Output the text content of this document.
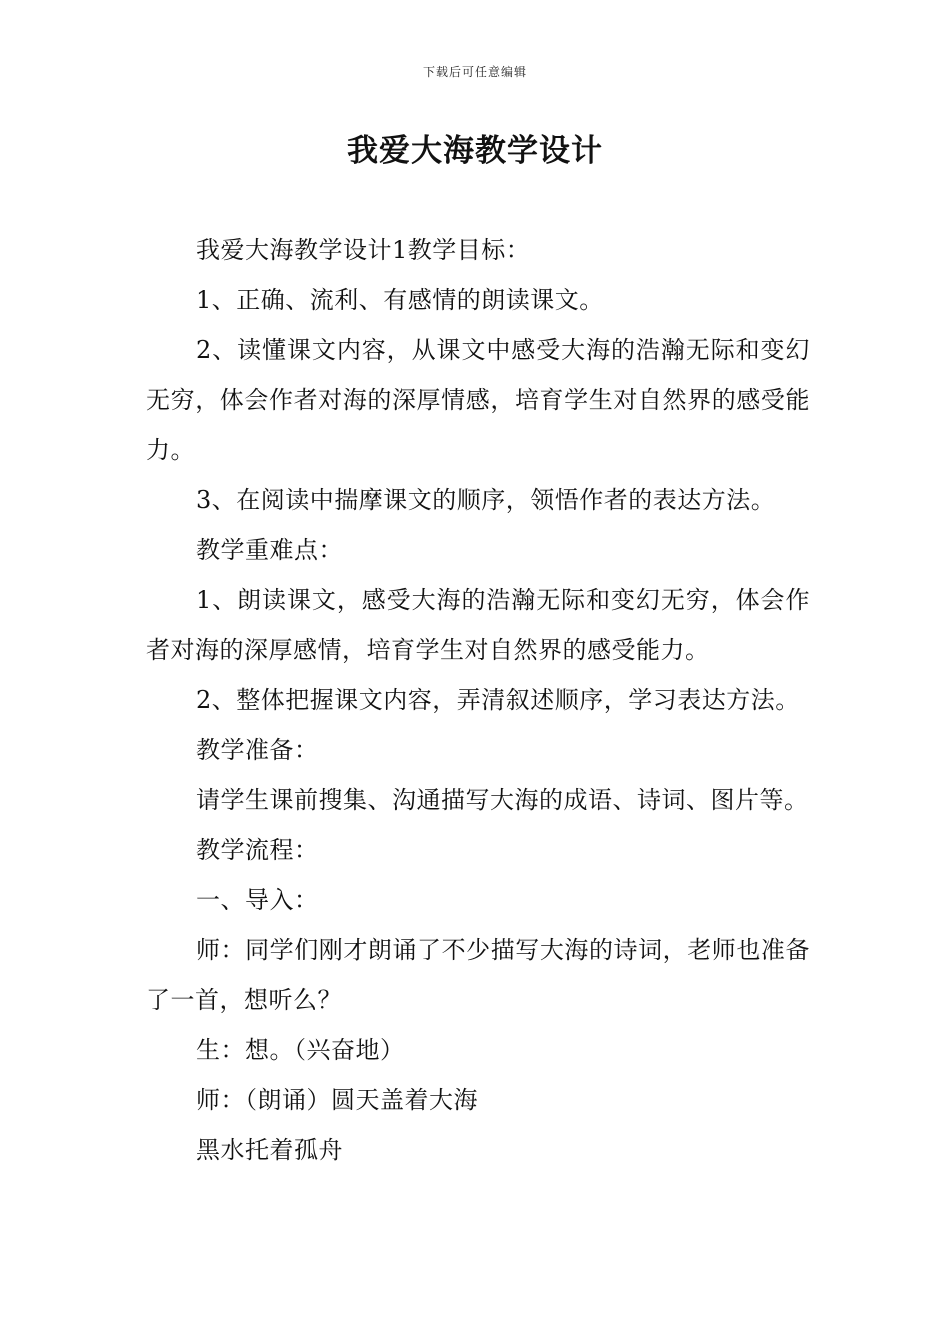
下载后可任意编辑
我爱大海教学设计

我爱大海教学设计1教学目标：

1、正确、流利、有感情的朗读课文。

2、读懂课文内容，从课文中感受大海的浩瀚无际和变幻无穷，体会作者对海的深厚情感，培育学生对自然界的感受能力。

3、在阅读中揣摩课文的顺序，领悟作者的表达方法。

教学重难点：

1、朗读课文，感受大海的浩瀚无际和变幻无穷，体会作者对海的深厚感情，培育学生对自然界的感受能力。

2、整体把握课文内容，弄清叙述顺序，学习表达方法。

教学准备：

请学生课前搜集、沟通描写大海的成语、诗词、图片等。

教学流程：

一、导入：

师：同学们刚才朗诵了不少描写大海的诗词，老师也准备了一首，想听么？

生：想。（兴奋地）

师：（朗诵）圆天盖着大海

黑水托着孤舟
